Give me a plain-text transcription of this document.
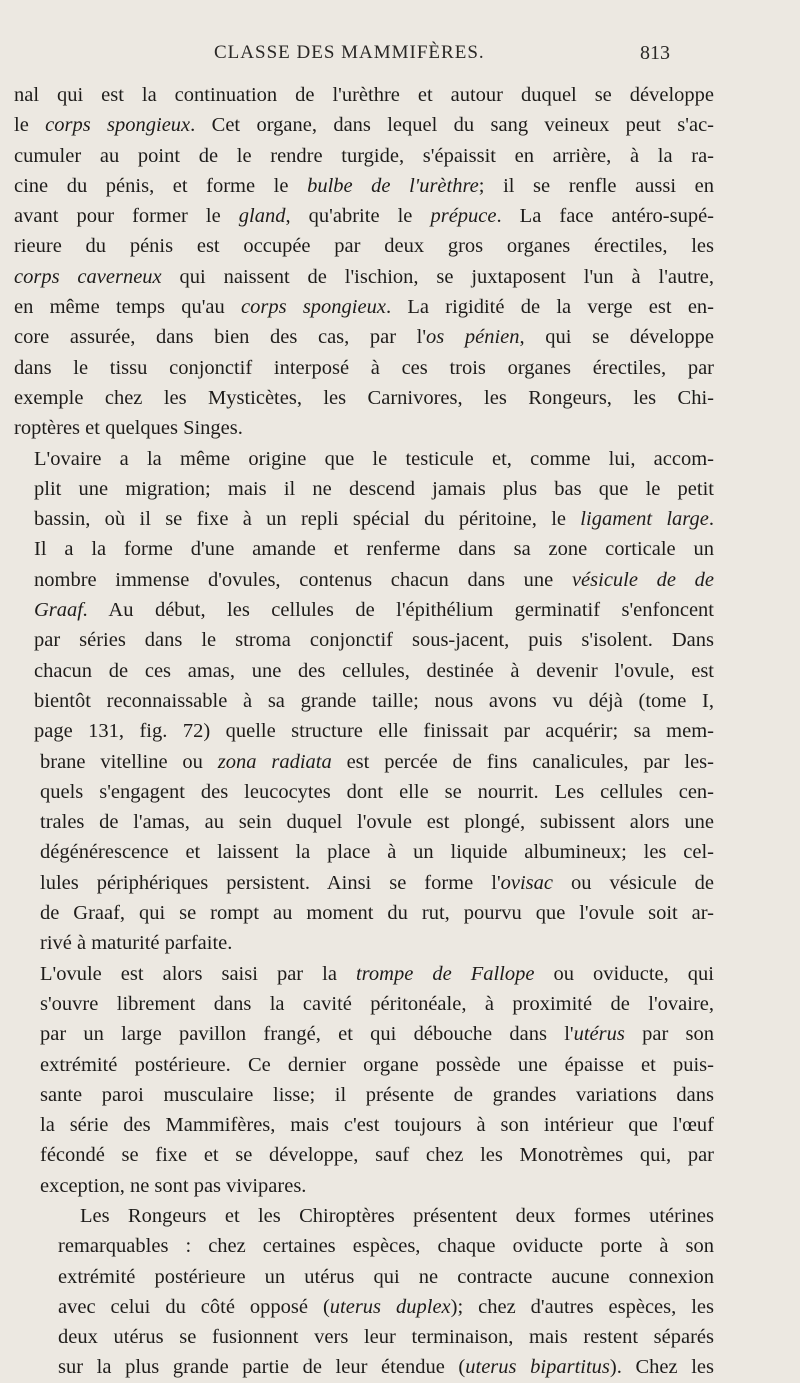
CLASSE DES MAMMIFÈRES.	813
nal qui est la continuation de l'urèthre et autour duquel se développe
le corps spongieux. Cet organe, dans lequel du sang veineux peut s'ac-
cumuler au point de le rendre turgide, s'épaissit en arrière, à la ra-
cine du pénis, et forme le bulbe de l'urèthre; il se renfle aussi en
avant pour former le gland, qu'abrite le prépuce. La face antéro-supé-
rieure du pénis est occupée par deux gros organes érectiles, les
corps caverneux qui naissent de l'ischion, se juxtaposent l'un à l'autre,
en même temps qu'au corps spongieux. La rigidité de la verge est en-
core assurée, dans bien des cas, par l'os pénien, qui se développe
dans le tissu conjonctif interposé à ces trois organes érectiles, par
exemple chez les Mysticètes, les Carnivores, les Rongeurs, les Chi-
roptères et quelques Singes.
L'ovaire a la même origine que le testicule et, comme lui, accom-
plit une migration; mais il ne descend jamais plus bas que le petit
bassin, où il se fixe à un repli spécial du péritoine, le ligament large.
Il a la forme d'une amande et renferme dans sa zone corticale un
nombre immense d'ovules, contenus chacun dans une vésicule de de
Graaf. Au début, les cellules de l'épithélium germinatif s'enfoncent
par séries dans le stroma conjonctif sous-jacent, puis s'isolent. Dans
chacun de ces amas, une des cellules, destinée à devenir l'ovule, est
bientôt reconnaissable à sa grande taille; nous avons vu déjà (tome I,
page 131, fig. 72) quelle structure elle finissait par acquérir; sa mem-
brane vitelline ou zona radiata est percée de fins canalicules, par les-
quels s'engagent des leucocytes dont elle se nourrit. Les cellules cen-
trales de l'amas, au sein duquel l'ovule est plongé, subissent alors une
dégénérescence et laissent la place à un liquide albumineux; les cel-
lules périphériques persistent. Ainsi se forme l'ovisac ou vésicule de
de Graaf, qui se rompt au moment du rut, pourvu que l'ovule soit ar-
rivé à maturité parfaite.
L'ovule est alors saisi par la trompe de Fallope ou oviducte, qui
s'ouvre librement dans la cavité péritonéale, à proximité de l'ovaire,
par un large pavillon frangé, et qui débouche dans l'utérus par son
extrémité postérieure. Ce dernier organe possède une épaisse et puis-
sante paroi musculaire lisse; il présente de grandes variations dans
la série des Mammifères, mais c'est toujours à son intérieur que l'œuf
fécondé se fixe et se développe, sauf chez les Monotrèmes qui, par
exception, ne sont pas vivipares.
Les Rongeurs et les Chiroptères présentent deux formes utérines
remarquables : chez certaines espèces, chaque oviducte porte à son
extrémité postérieure un utérus qui ne contracte aucune connexion
avec celui du côté opposé (uterus duplex); chez d'autres espèces, les
deux utérus se fusionnent vers leur terminaison, mais restent séparés
sur la plus grande partie de leur étendue (uterus bipartitus). Chez les
